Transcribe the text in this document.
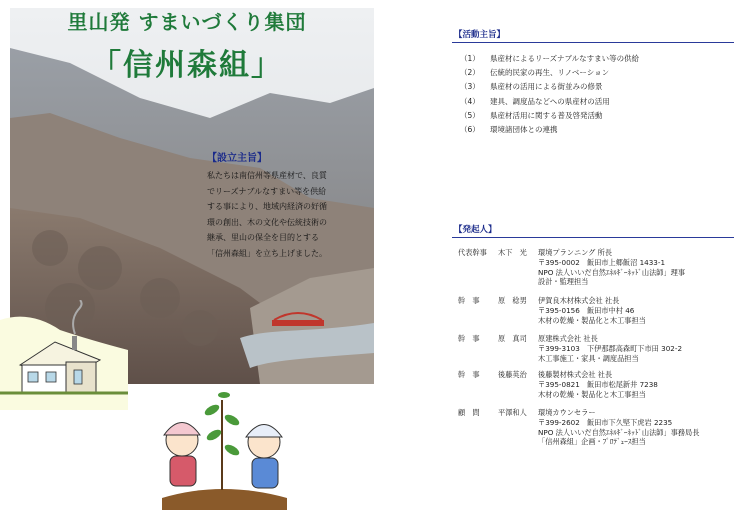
里山発 すまいづくり集団
「信州森組」
【設立主旨】
私たちは南信州等県産材で、良質
でリーズナブルなすまい等を供給
する事により、地域内経済の好循
環の創出、木の文化や伝統技術の
継承、里山の保全を目的とする
「信州森組」を立ち上げました。
【活動主旨】
（1）	県産材によるリーズナブルなすまい等の供給
（2）	伝統的民家の再生、リノベーション
（3）	県産材の活用による街並みの修景
（4）	建具、調度品などへの県産材の活用
（5）	県産材活用に関する普及啓発活動
（6）	環境諸団体との連携
【発起人】
代表幹事	木下　光	環境プランニング 所長
〒395-0002　飯田市上郷飯沼 1433-1
NPO 法人いいだ自然ｴﾈﾙｷﾞｰﾈｯﾄﾞ山法師」理事
設計・監理担当
幹　事	原　稔男	伊賀良木材株式会社 社長
〒395-0156　飯田市中村 46
木材の乾燥・製品化と木工事担当
幹　事	原　真司	原建株式会社 社長
〒399-3103　下伊那郡高森町下市田 302-2
木工事施工・家具・調度品担当
幹　事	後藤英治	後藤製材株式会社 社長
〒395-0821　飯田市松尾新井 7238
木材の乾燥・製品化と木工事担当
顧　問	平澤和人	環境カウンセラー
〒399-2602　飯田市下久堅下虎岩 2235
NPO 法人いいだ自然ｴﾈﾙｷﾞｰﾈｯﾄﾞ山法師」事務局長
「信州森組」企画・ﾌﾟﾛﾃﾞｭｰｽ担当
